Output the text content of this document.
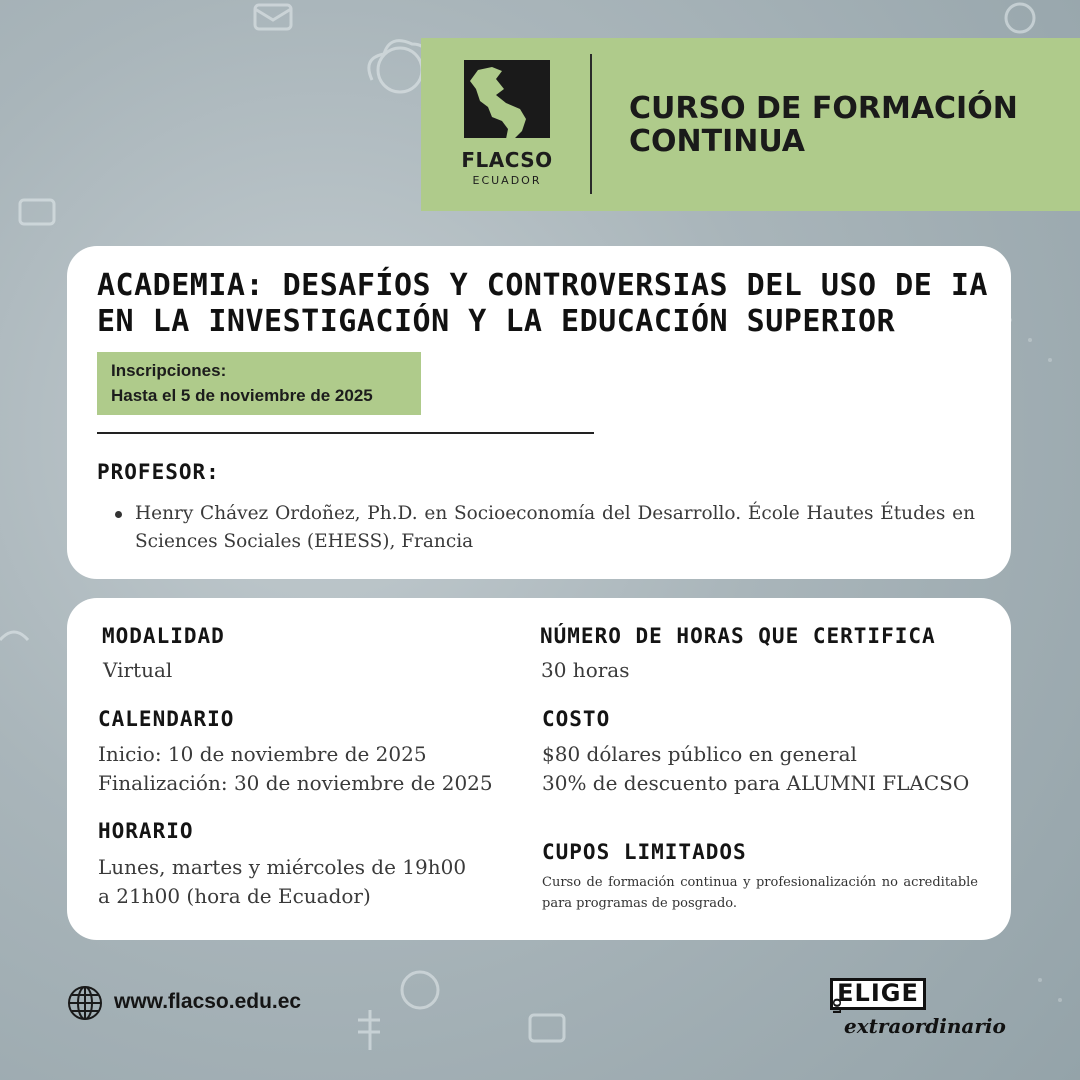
FLACSO
ECUADOR
CURSO DE FORMACIÓN CONTINUA
ACADEMIA: DESAFÍOS Y CONTROVERSIAS DEL USO DE IA EN LA INVESTIGACIÓN Y LA EDUCACIÓN SUPERIOR
Inscripciones:
Hasta el 5 de noviembre de 2025
PROFESOR:
Henry Chávez Ordoñez, Ph.D. en Socioeconomía del Desarrollo. École Hautes Études en Sciences Sociales (EHESS), Francia
MODALIDAD
Virtual
CALENDARIO
Inicio: 10 de noviembre de 2025
Finalización: 30 de noviembre de 2025
HORARIO
Lunes, martes y miércoles de 19h00
a 21h00 (hora de Ecuador)
NÚMERO DE HORAS QUE CERTIFICA
30 horas
COSTO
$80 dólares público en general
30% de descuento para ALUMNI FLACSO
CUPOS LIMITADOS
Curso de formación continua y profesionalización no acreditable para programas de posgrado.
www.flacso.edu.ec	ELIGE
LO
extraordinario
